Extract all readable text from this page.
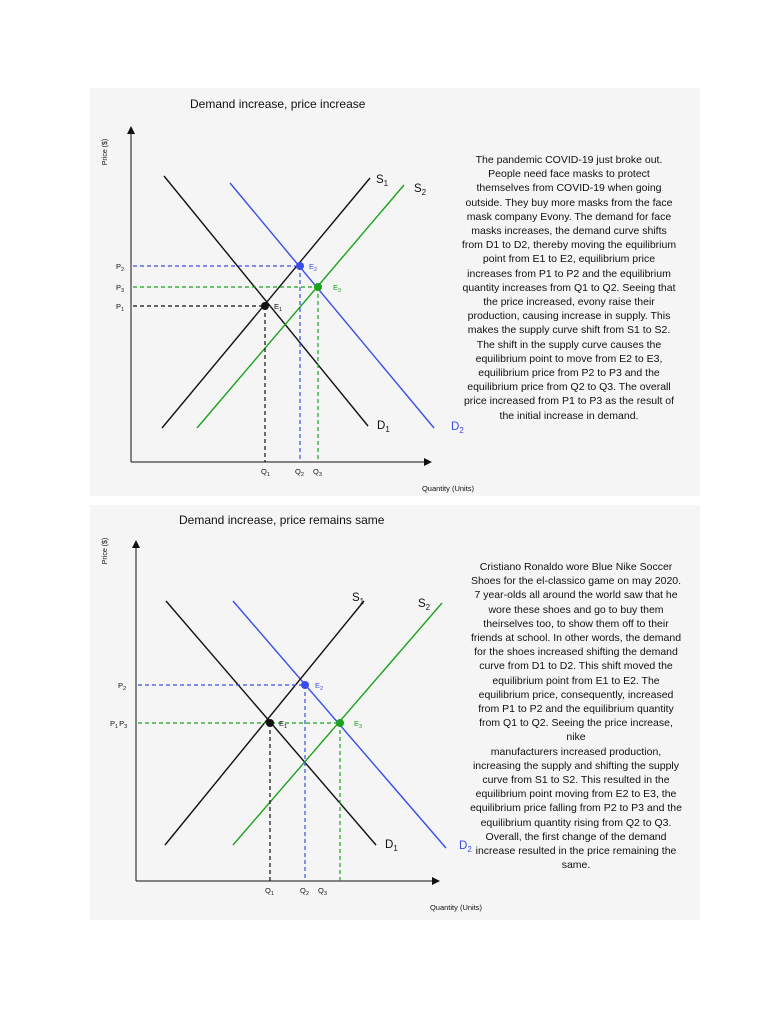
Demand increase, price increase
Price ($)
Quantity (Units)
$E_1$
$E_2$
$E_3$
$S_1$ $S_2$
$D_1$	$D_2$
$P_2$
$P_3$
$P_1$
$Q_1$	$Q_2$ $Q_3$
Demand increase, price remains same
Price ($)
Quantity (Units)
$E_1$
$E_2$
$E_3$
$S_1$	$S_2$
$D_1$	$D_2$
$P_2$
$P_1P_3$
$Q_1$	$Q_2$ $Q_3$
The pandemic COVID-19 just broke out.
People need face masks to protect
themselves from COVID-19 when going
outside. They buy more masks from the face
mask company Evony. The demand for face
masks increases, the demand curve shifts
from D1 to D2, thereby moving the equilibrium
point from E1 to E2, equilibrium price
increases from P1 to P2 and the equilibrium
quantity increases from Q1 to Q2. Seeing that
the price increased, evony raise their
production, causing increase in supply. This
makes the supply curve shift from S1 to S2.
The shift in the supply curve causes the
equilibrium point to move from E2 to E3,
equilibrium price from P2 to P3 and the
equilibrium price from Q2 to Q3. The overall
price increased from P1 to P3 as the result of
the initial increase in demand.
Cristiano Ronaldo wore Blue Nike Soccer
Shoes for the el-classico game on may 2020.
7 year-olds all around the world saw that he
wore these shoes and go to buy them
theirselves too, to show them off to their
friends at school. In other words, the demand
for the shoes increased shifting the demand
curve from D1 to D2. This shift moved the
equilibrium point from E1 to E2. The
equilibrium price, consequently, increased
from P1 to P2 and the equilibrium quantity
from Q1 to Q2. Seeing the price increase, nike
manufacturers increased production,
increasing the supply and shifting the supply
curve from S1 to S2. This resulted in the
equilibrium point moving from E2 to E3, the
equilibrium price falling from P2 to P3 and the
equilibrium quantity rising from Q2 to Q3.
Overall, the first change of the demand
increase resulted in the price remaining the
same.
